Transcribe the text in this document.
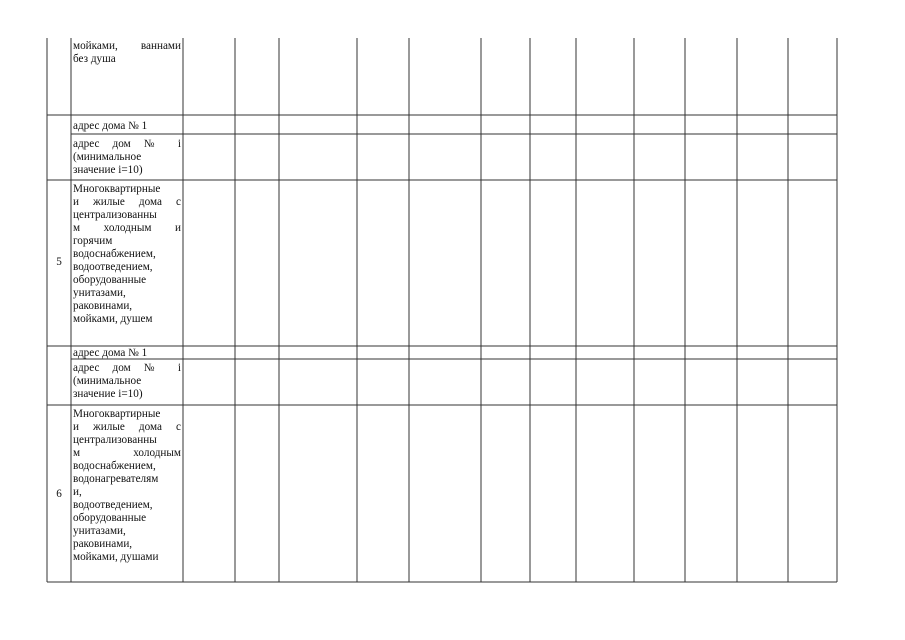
мойками, ваннами
без душа
адрес дома № 1
адрес дом № i
(минимальное
значение i=10)
5
Многоквартирные
и жилые дома с
централизованны
м холодным и
горячим
водоснабжением,
водоотведением,
оборудованные
унитазами,
раковинами,
мойками, душем
адрес дома № 1
адрес дом № i
(минимальное
значение i=10)
6
Многоквартирные
и жилые дома с
централизованны
м холодным
водоснабжением,
водонагревателям
и,
водоотведением,
оборудованные
унитазами,
раковинами,
мойками, душами
